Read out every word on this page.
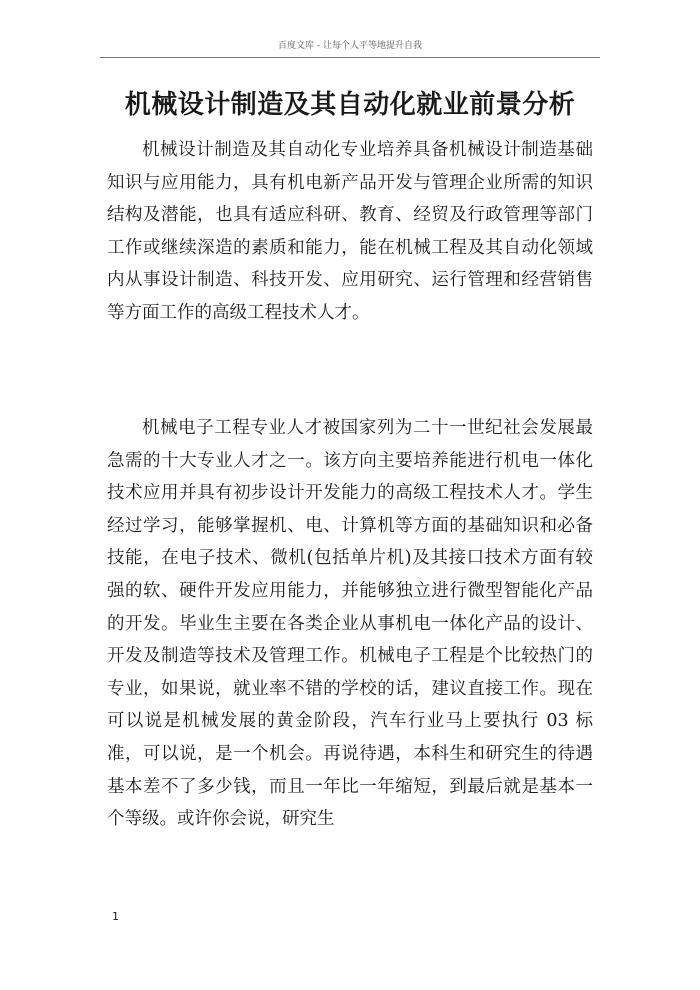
百度文库 - 让每个人平等地提升自我
机械设计制造及其自动化就业前景分析

机械设计制造及其自动化专业培养具备机械设计制造基础知识与应用能力，具有机电新产品开发与管理企业所需的知识结构及潜能，也具有适应科研、教育、经贸及行政管理等部门工作或继续深造的素质和能力，能在机械工程及其自动化领域内从事设计制造、科技开发、应用研究、运行管理和经营销售等方面工作的高级工程技术人才。

机械电子工程专业人才被国家列为二十一世纪社会发展最急需的十大专业人才之一。该方向主要培养能进行机电一体化技术应用并具有初步设计开发能力的高级工程技术人才。学生经过学习，能够掌握机、电、计算机等方面的基础知识和必备技能，在电子技术、微机(包括单片机)及其接口技术方面有较强的软、硬件开发应用能力，并能够独立进行微型智能化产品的开发。毕业生主要在各类企业从事机电一体化产品的设计、开发及制造等技术及管理工作。机械电子工程是个比较热门的专业，如果说，就业率不错的学校的话，建议直接工作。现在可以说是机械发展的黄金阶段，汽车行业马上要执行 03 标准，可以说，是一个机会。再说待遇，本科生和研究生的待遇基本差不了多少钱，而且一年比一年缩短，到最后就是基本一个等级。或许你会说，研究生

1
